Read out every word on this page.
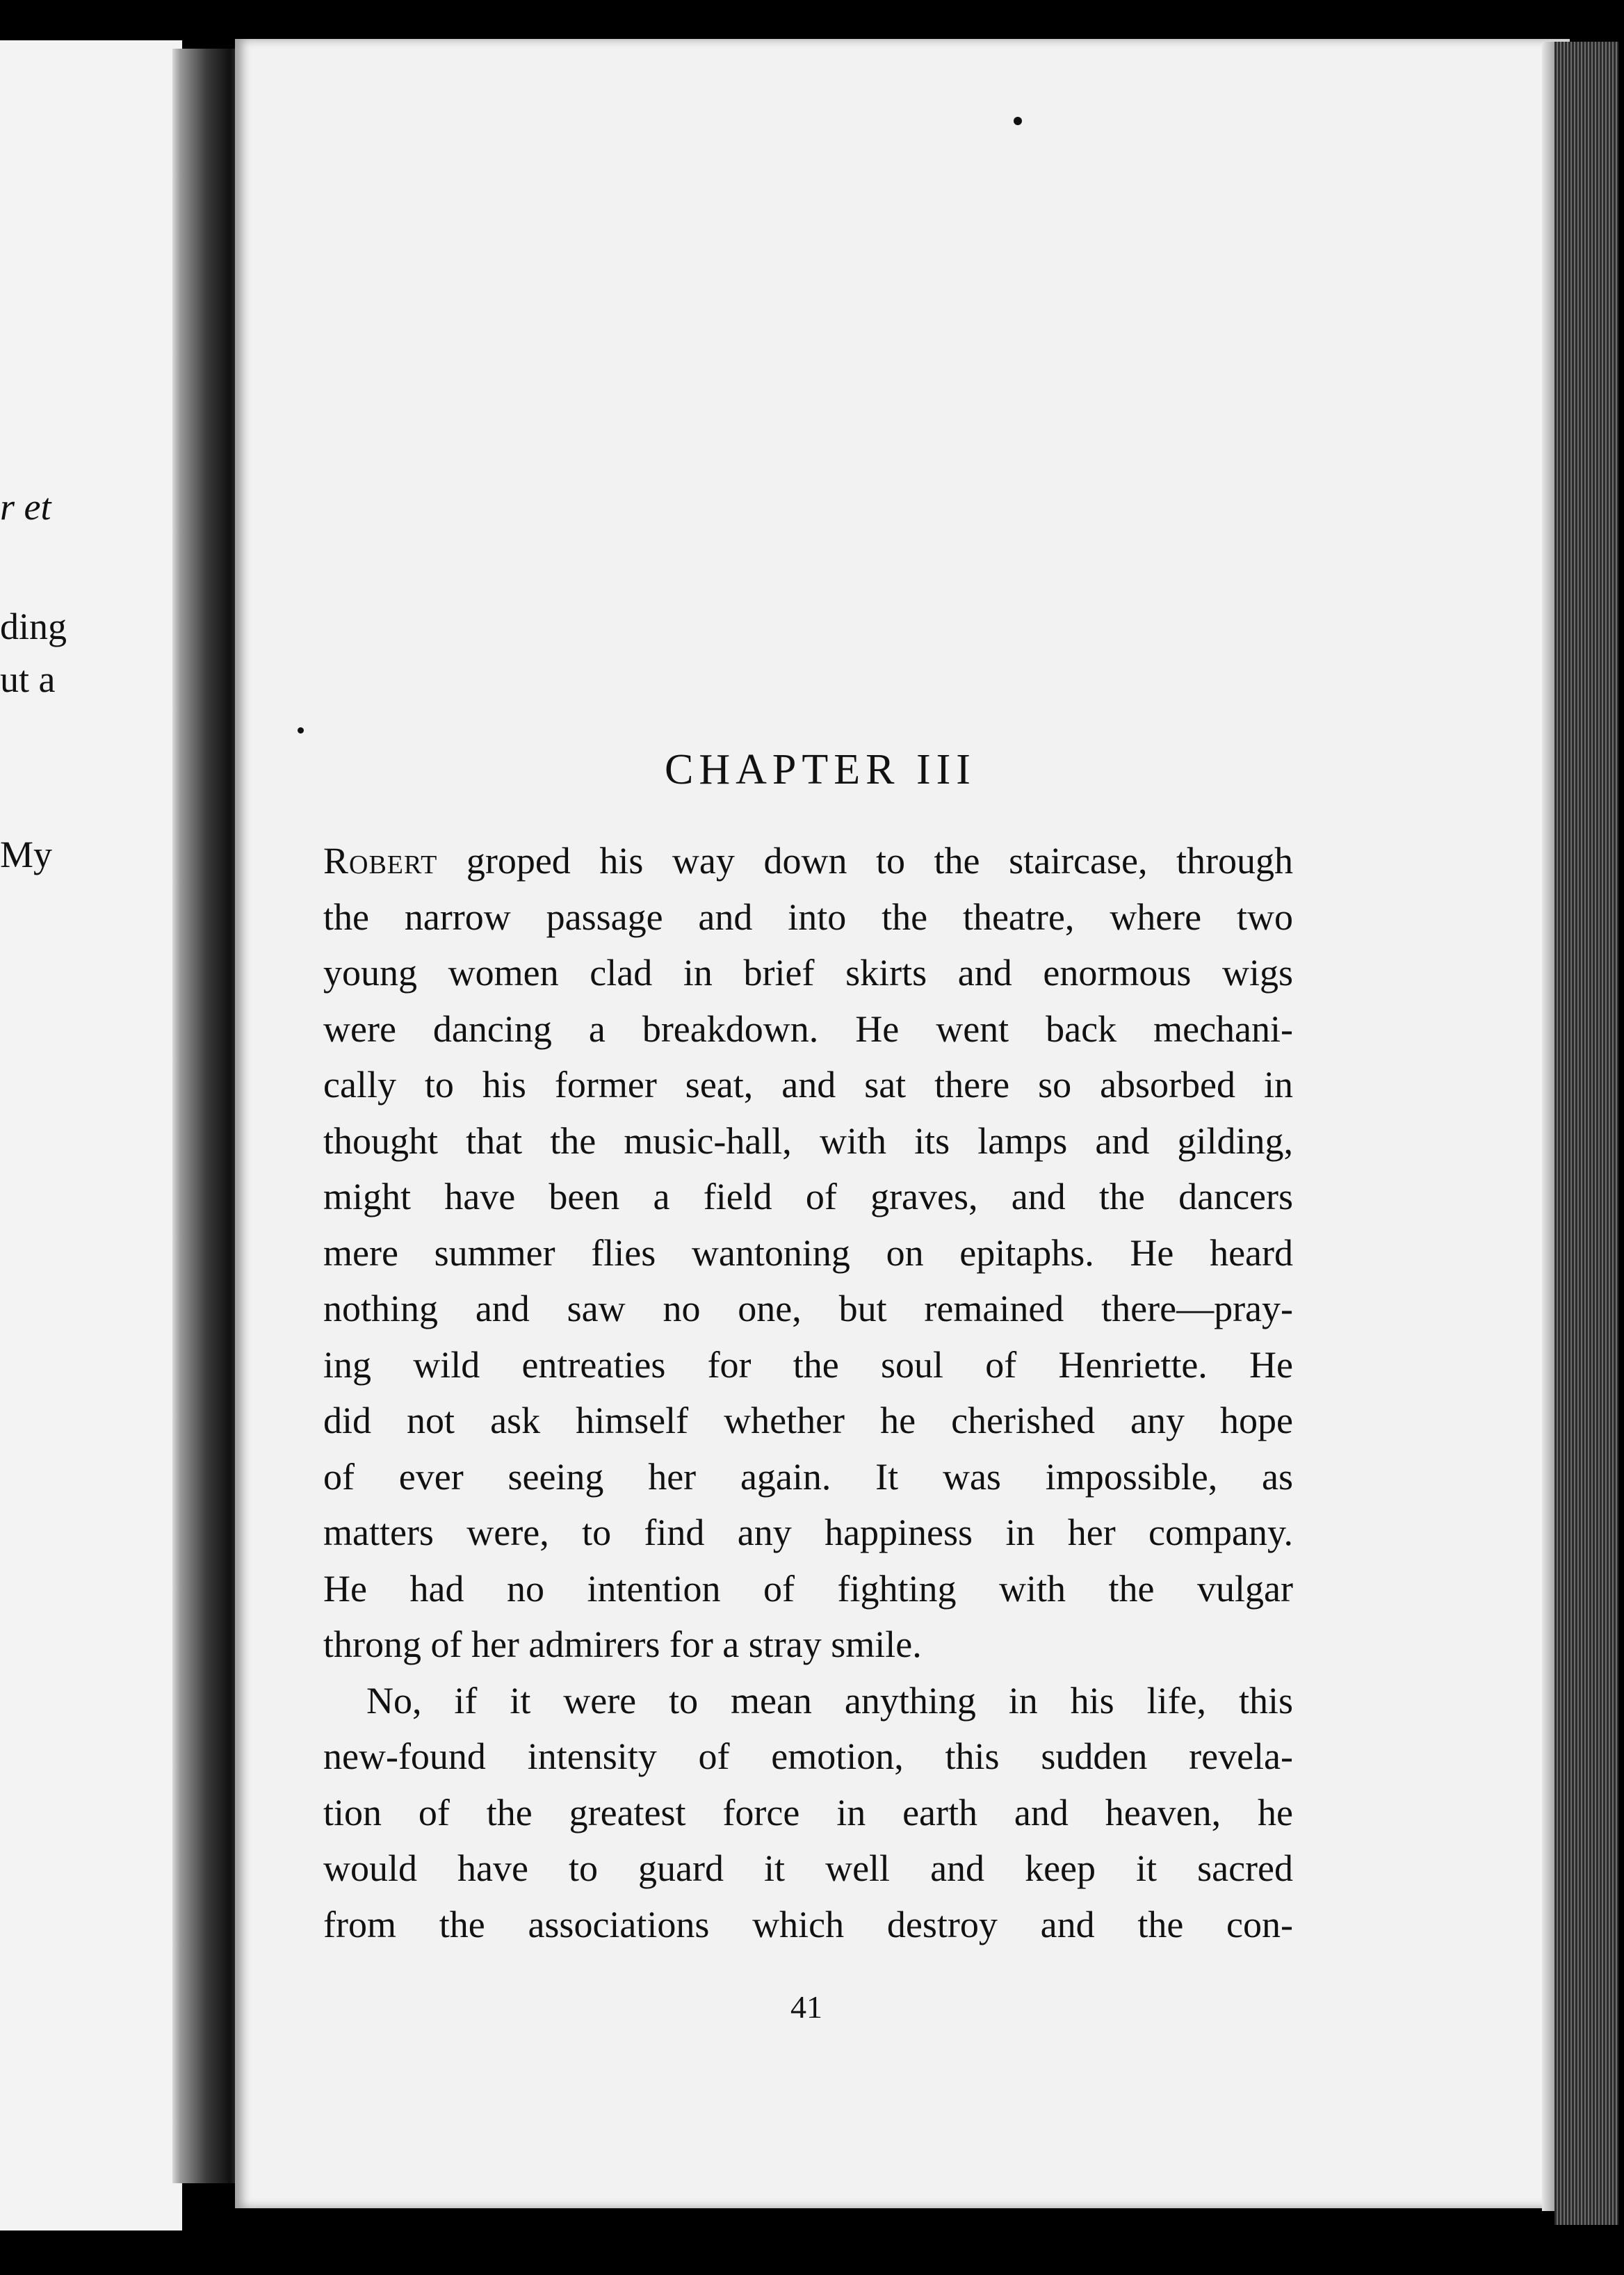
r et
ding
ut a
My
CHAPTER III
Robert groped his way down to the staircase, through
the narrow passage and into the theatre, where two
young women clad in brief skirts and enormous wigs
were dancing a breakdown. He went back mechani-
cally to his former seat, and sat there so absorbed in
thought that the music-hall, with its lamps and gilding,
might have been a field of graves, and the dancers
mere summer flies wantoning on epitaphs. He heard
nothing and saw no one, but remained there—pray-
ing wild entreaties for the soul of Henriette. He
did not ask himself whether he cherished any hope
of ever seeing her again. It was impossible, as
matters were, to find any happiness in her company.
He had no intention of fighting with the vulgar
throng of her admirers for a stray smile.
No, if it were to mean anything in his life, this
new-found intensity of emotion, this sudden revela-
tion of the greatest force in earth and heaven, he
would have to guard it well and keep it sacred
from the associations which destroy and the con-
41
